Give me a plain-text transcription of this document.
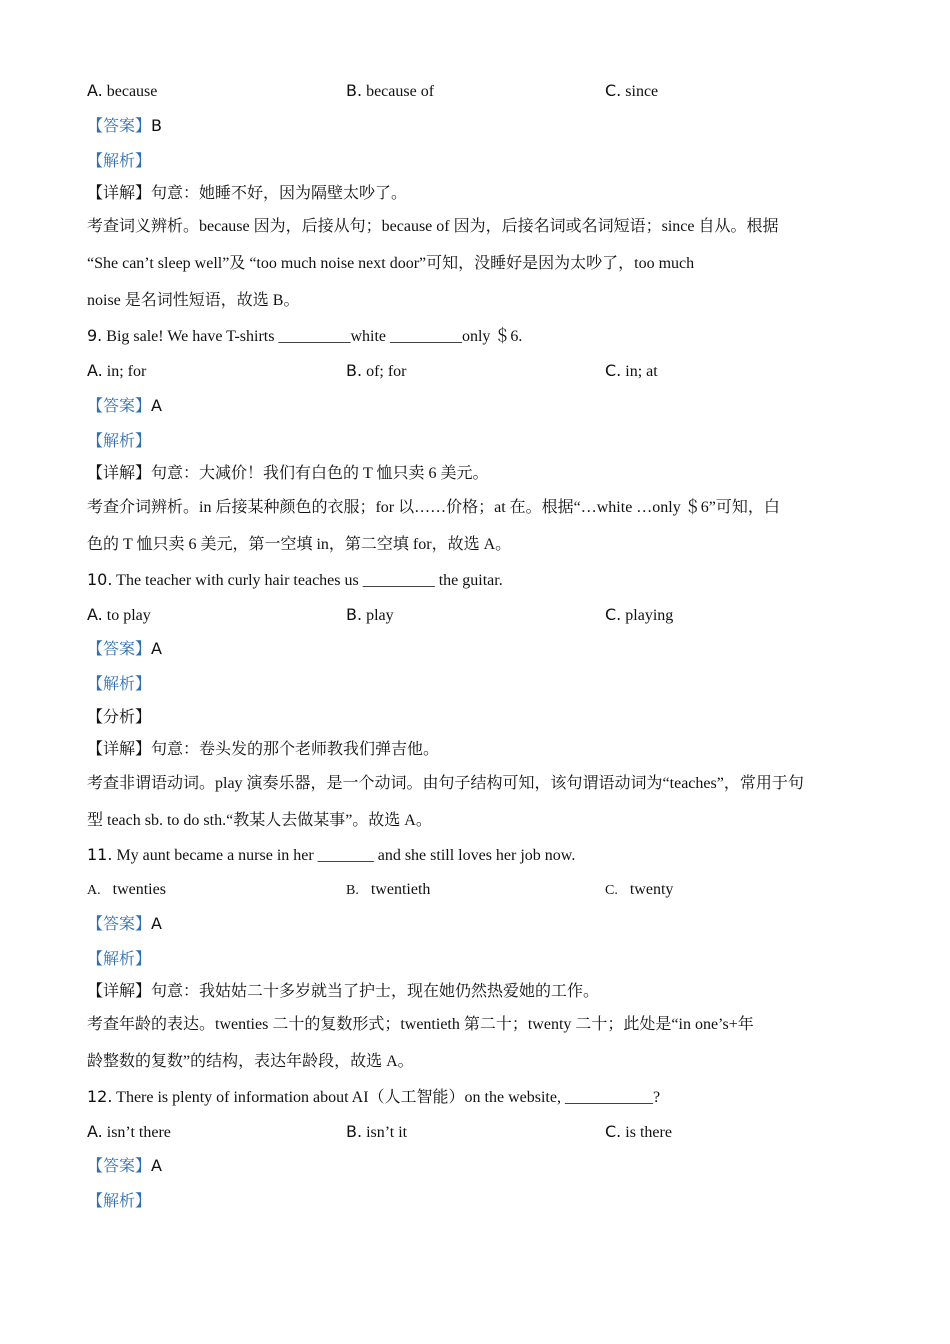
A. because	B. because of	C. since
【答案】B
【解析】
【详解】句意：她睡不好，因为隔壁太吵了。
考查词义辨析。because 因为，后接从句；because of 因为，后接名词或名词短语；since 自从。根据
“She can’t sleep well”及 “too much noise next door”可知，没睡好是因为太吵了，too much
noise 是名词性短语，故选 B。
9. Big sale! We have T-shirts _________white _________only ＄6.
A. in; for	B. of; for	C. in; at
【答案】A
【解析】
【详解】句意：大减价！我们有白色的 T 恤只卖 6 美元。
考查介词辨析。in 后接某种颜色的衣服；for 以……价格；at 在。根据“…white …only ＄6”可知，白
色的 T 恤只卖 6 美元，第一空填 in，第二空填 for，故选 A。
10. The teacher with curly hair teaches us _________ the guitar.
A. to play	B. play	C. playing
【答案】A
【解析】
【分析】
【详解】句意：卷头发的那个老师教我们弹吉他。
考查非谓语动词。play 演奏乐器，是一个动词。由句子结构可知，该句谓语动词为“teaches”，常用于句
型 teach sb. to do sth.“教某人去做某事”。故选 A。
11. My aunt became a nurse in her _______ and she still loves her job now.
A. twenties	B. twentieth	C. twenty
【答案】A
【解析】
【详解】句意：我姑姑二十多岁就当了护士，现在她仍然热爱她的工作。
考查年龄的表达。twenties 二十的复数形式；twentieth 第二十；twenty 二十；此处是“in one’s+年
龄整数的复数”的结构，表达年龄段，故选 A。
12. There is plenty of information about AI（人工智能）on the website, ___________?
A. isn’t there	B. isn’t it	C. is there
【答案】A
【解析】
